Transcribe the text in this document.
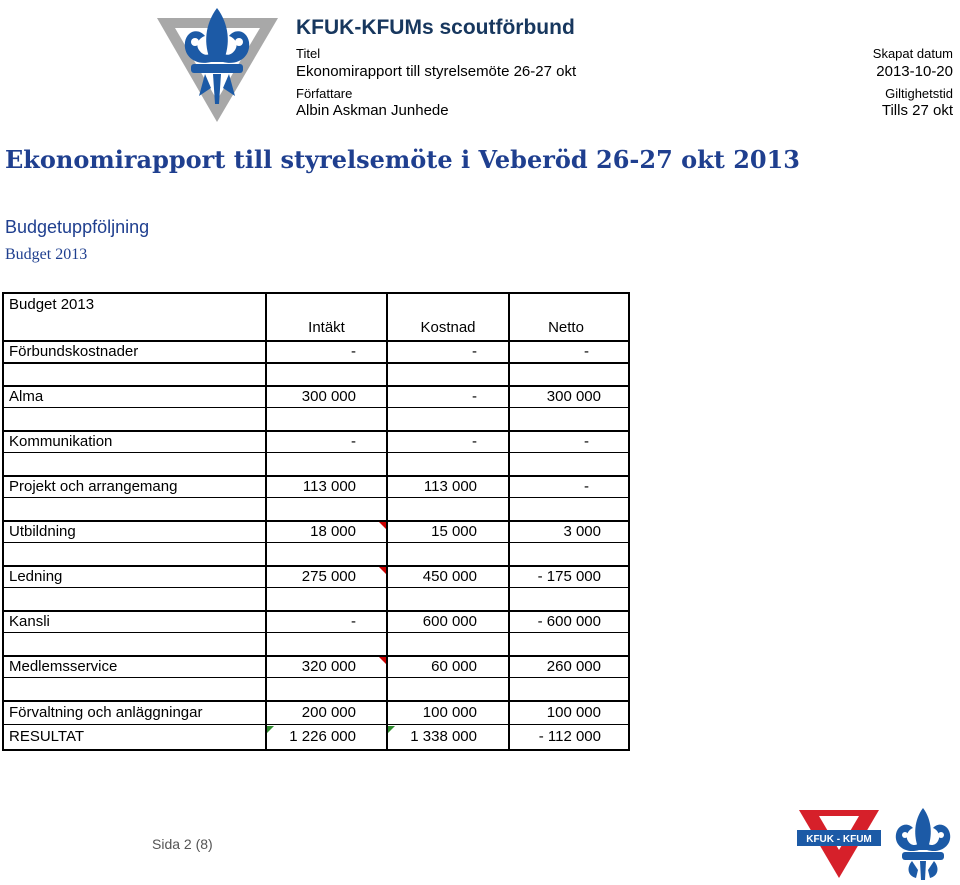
KFUK-KFUMs scoutförbund
Titel
Ekonomirapport till styrelsemöte 26-27 okt
Författare
Albin Askman Junhede
Skapat datum
2013-10-20
Giltighetstid
Tills 27 okt
Ekonomirapport till styrelsemöte i Veberöd 26-27 okt 2013
Budgetuppföljning
Budget 2013
Budget 2013
Intäkt	Kostnad	Netto
Förbundskostnader	-	-	-
Alma	300 000	-	300 000
Kommunikation	-	-	-
Projekt och arrangemang	113 000	113 000	-
Utbildning	18 000	15 000	3 000
Ledning	275 000	450 000	- 175 000
Kansli	-	600 000	- 600 000
Medlemsservice	320 000	60 000	260 000
Förvaltning och anläggningar	200 000	100 000	100 000
RESULTAT	1 226 000	1 338 000	- 112 000
Sida 2 (8)	KFUK - KFUM
